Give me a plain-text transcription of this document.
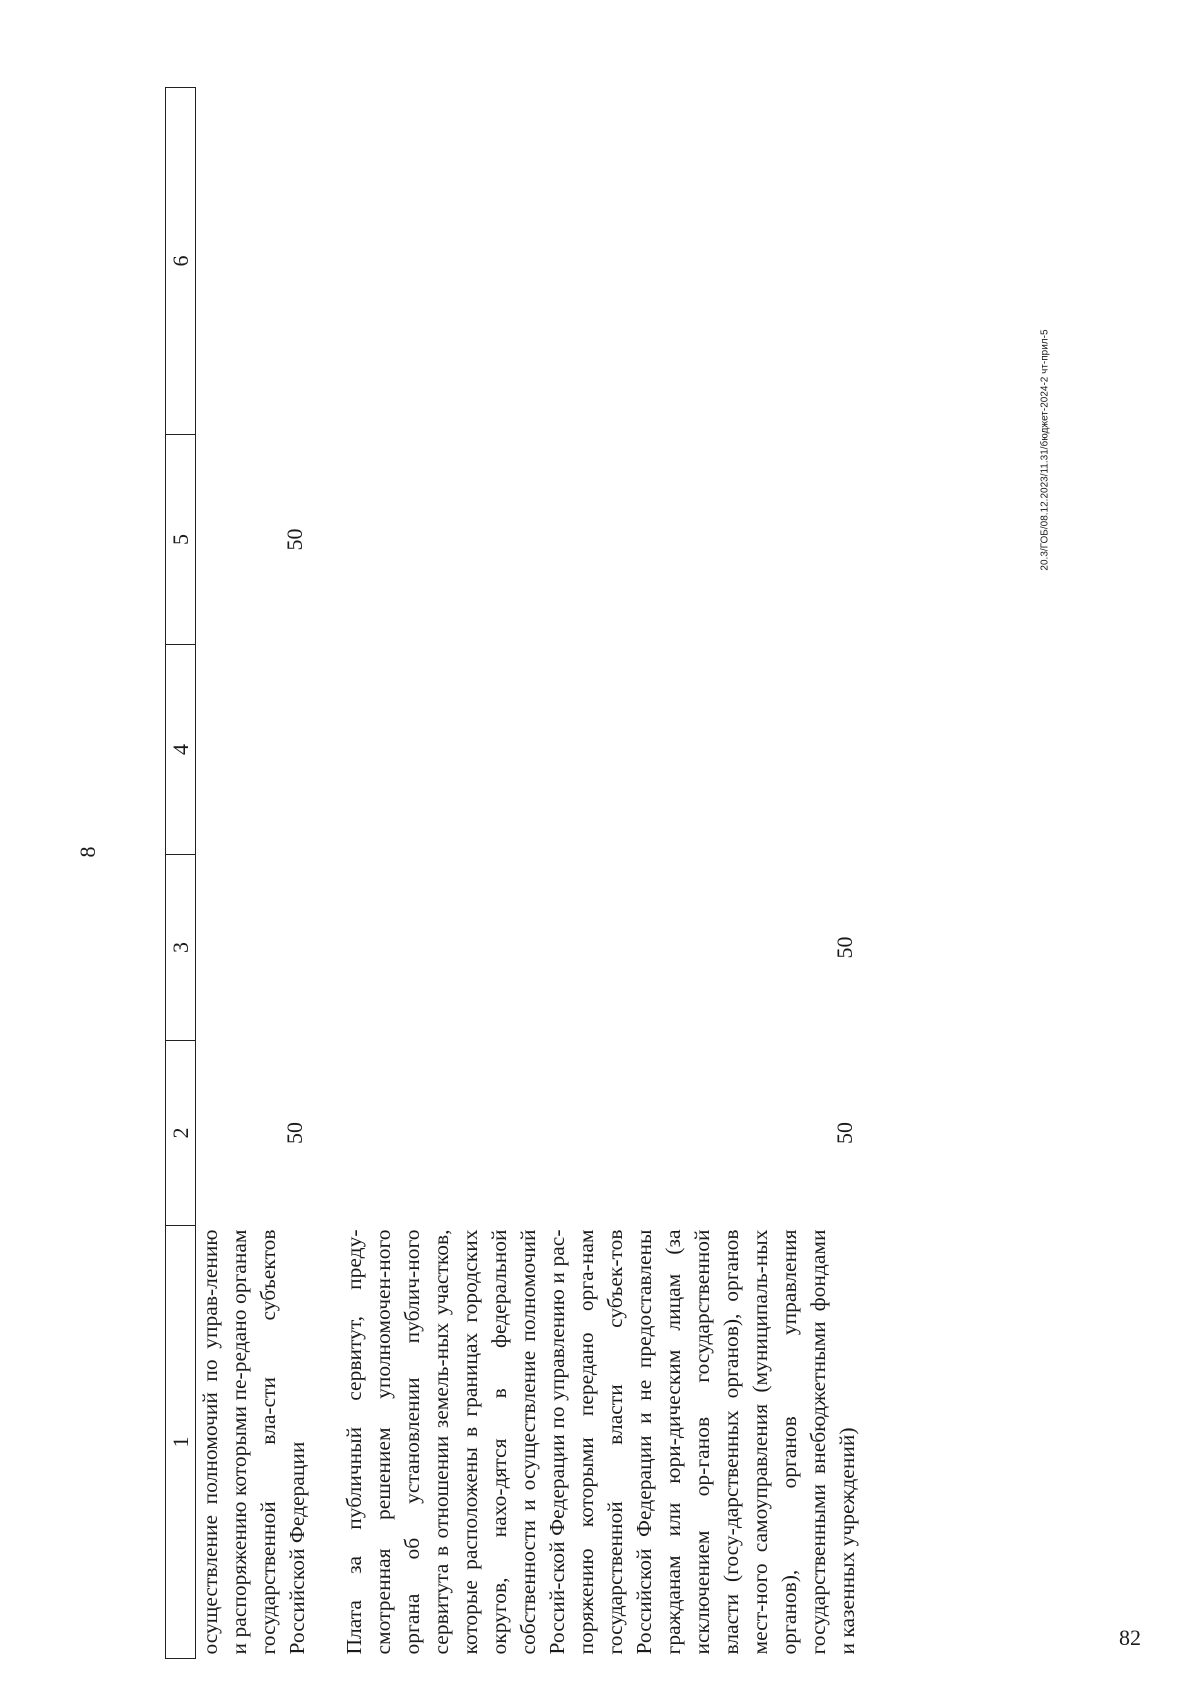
8
1	2	3	4	5	6
осуществление полномочий по управ-лению и распоряжению которыми пе-редано органам государственной вла-сти субъектов Российской Федерации	50			50	

Плата за публичный сервитут, преду-смотренная решением уполномочен-ного органа об установлении публич-ного сервитута в отношении земель-ных участков, которые расположены в границах городских округов, нахо-дятся в федеральной собственности и осуществление полномочий Россий-ской Федерации по управлению и рас-поряжению которыми передано орга-нам государственной власти субъек-тов Российской Федерации и не предоставлены гражданам или юри-дическим лицам (за исключением ор-ганов государственной власти (госу-дарственных органов), органов мест-ного самоуправления (муниципаль-ных органов), органов управления государственными внебюджетными фондами и казенных учреждений)	50	50			
20.3/ГОБ/08.12.2023/11.31/бюджет-2024-2 чт-прил-5
82
